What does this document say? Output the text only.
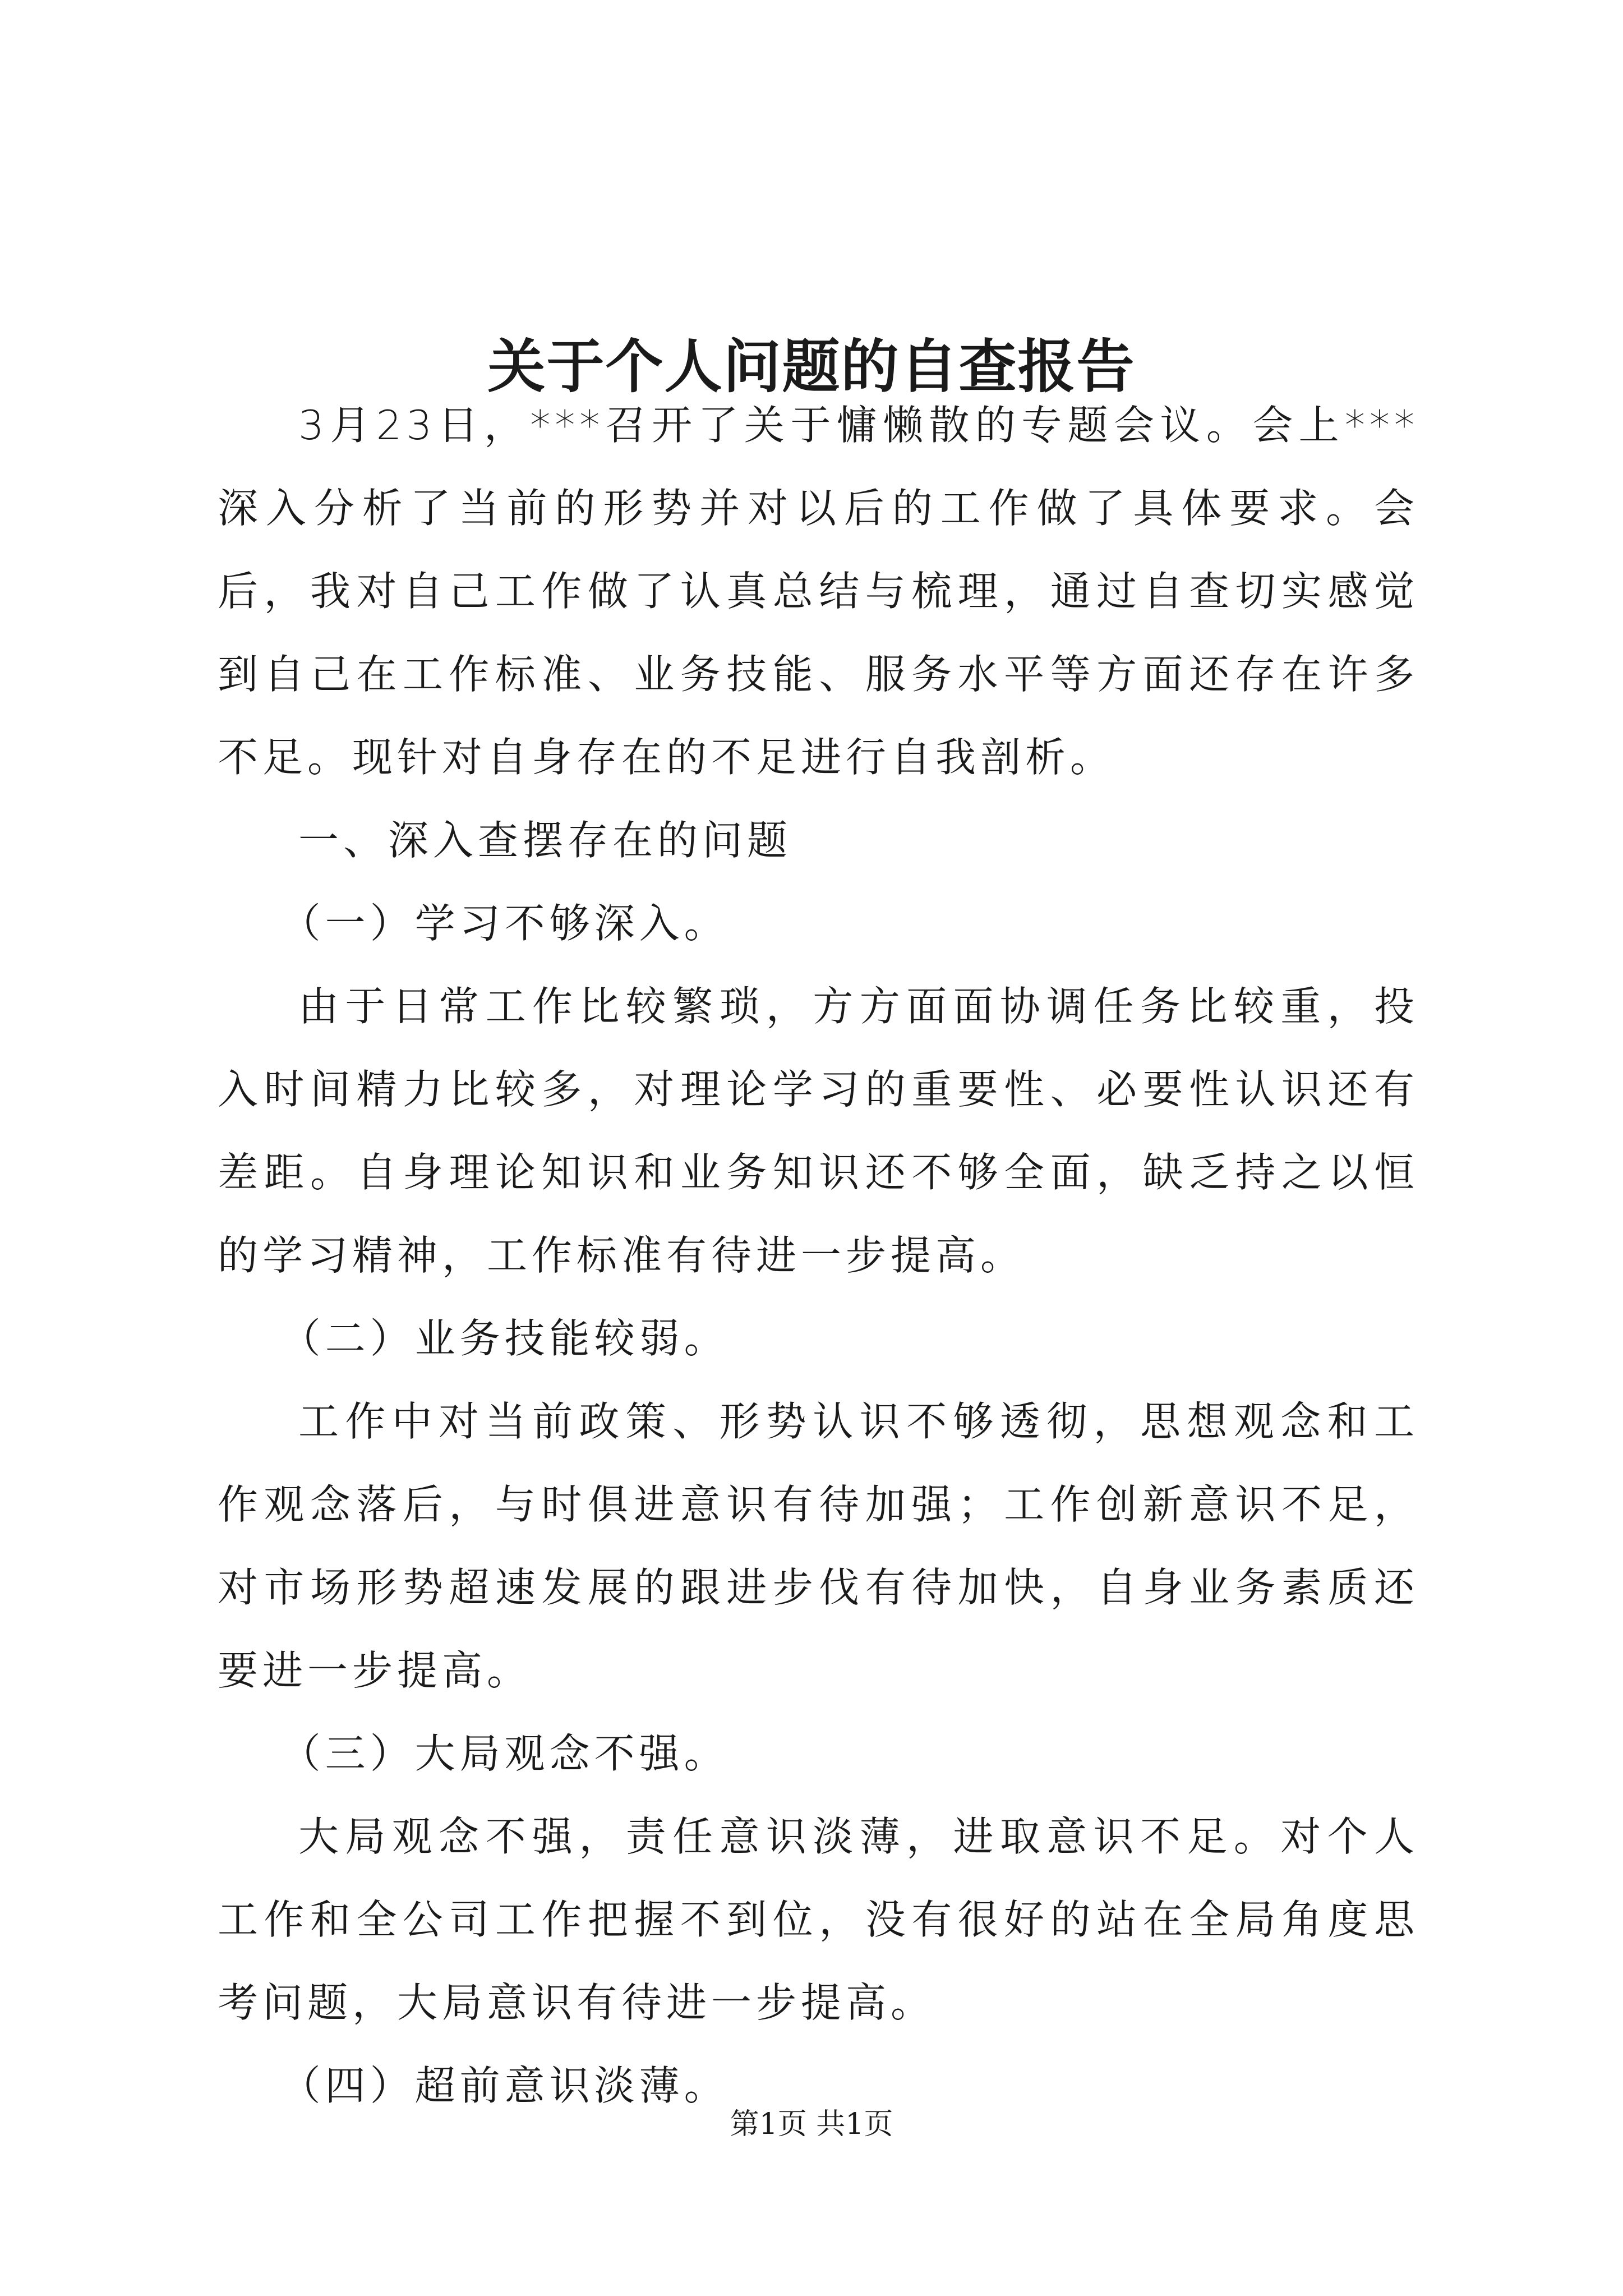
关于个人问题的自查报告

3月23日，***召开了关于慵懒散的专题会议。会上***深入分析了当前的形势并对以后的工作做了具体要求。会后，我对自己工作做了认真总结与梳理，通过自查切实感觉到自己在工作标准、业务技能、服务水平等方面还存在许多不足。现针对自身存在的不足进行自我剖析。

一、深入查摆存在的问题

（一）学习不够深入。

由于日常工作比较繁琐，方方面面协调任务比较重，投入时间精力比较多，对理论学习的重要性、必要性认识还有差距。自身理论知识和业务知识还不够全面，缺乏持之以恒的学习精神，工作标准有待进一步提高。

（二）业务技能较弱。

工作中对当前政策、形势认识不够透彻，思想观念和工作观念落后，与时俱进意识有待加强；工作创新意识不足，对市场形势超速发展的跟进步伐有待加快，自身业务素质还要进一步提高。

（三）大局观念不强。

大局观念不强，责任意识淡薄，进取意识不足。对个人工作和全公司工作把握不到位，没有很好的站在全局角度思考问题，大局意识有待进一步提高。

（四）超前意识淡薄。

第1页 共1页
